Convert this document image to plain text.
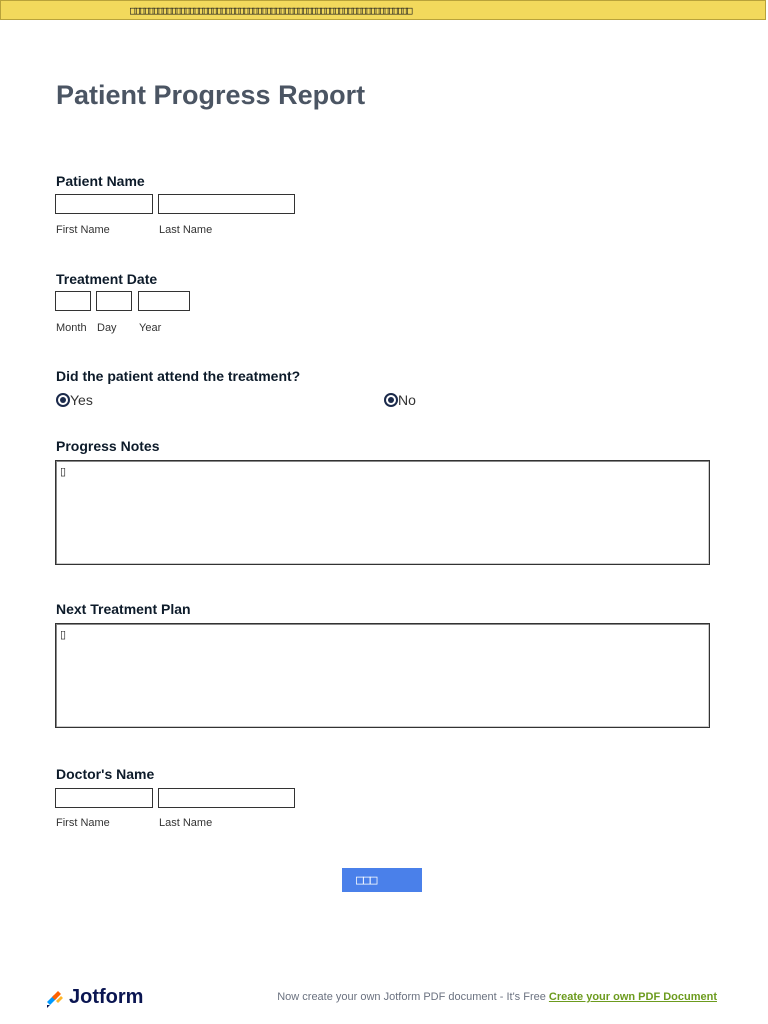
□□□□□□□□□□□□□□□□□□□□□□□□□□□□□□□□□□□□□□□□□□□□□□□□□□□□□□□□□□□□□□
Patient Progress Report
Patient Name
First Name	Last Name
Treatment Date
Month Day Year
Did the patient attend the treatment?
Yes	No
Progress Notes
▯
Next Treatment Plan
▯
Doctor's Name
First Name	Last Name
□□□
Jotform	Now create your own Jotform PDF document - It's Free Create your own PDF Document
